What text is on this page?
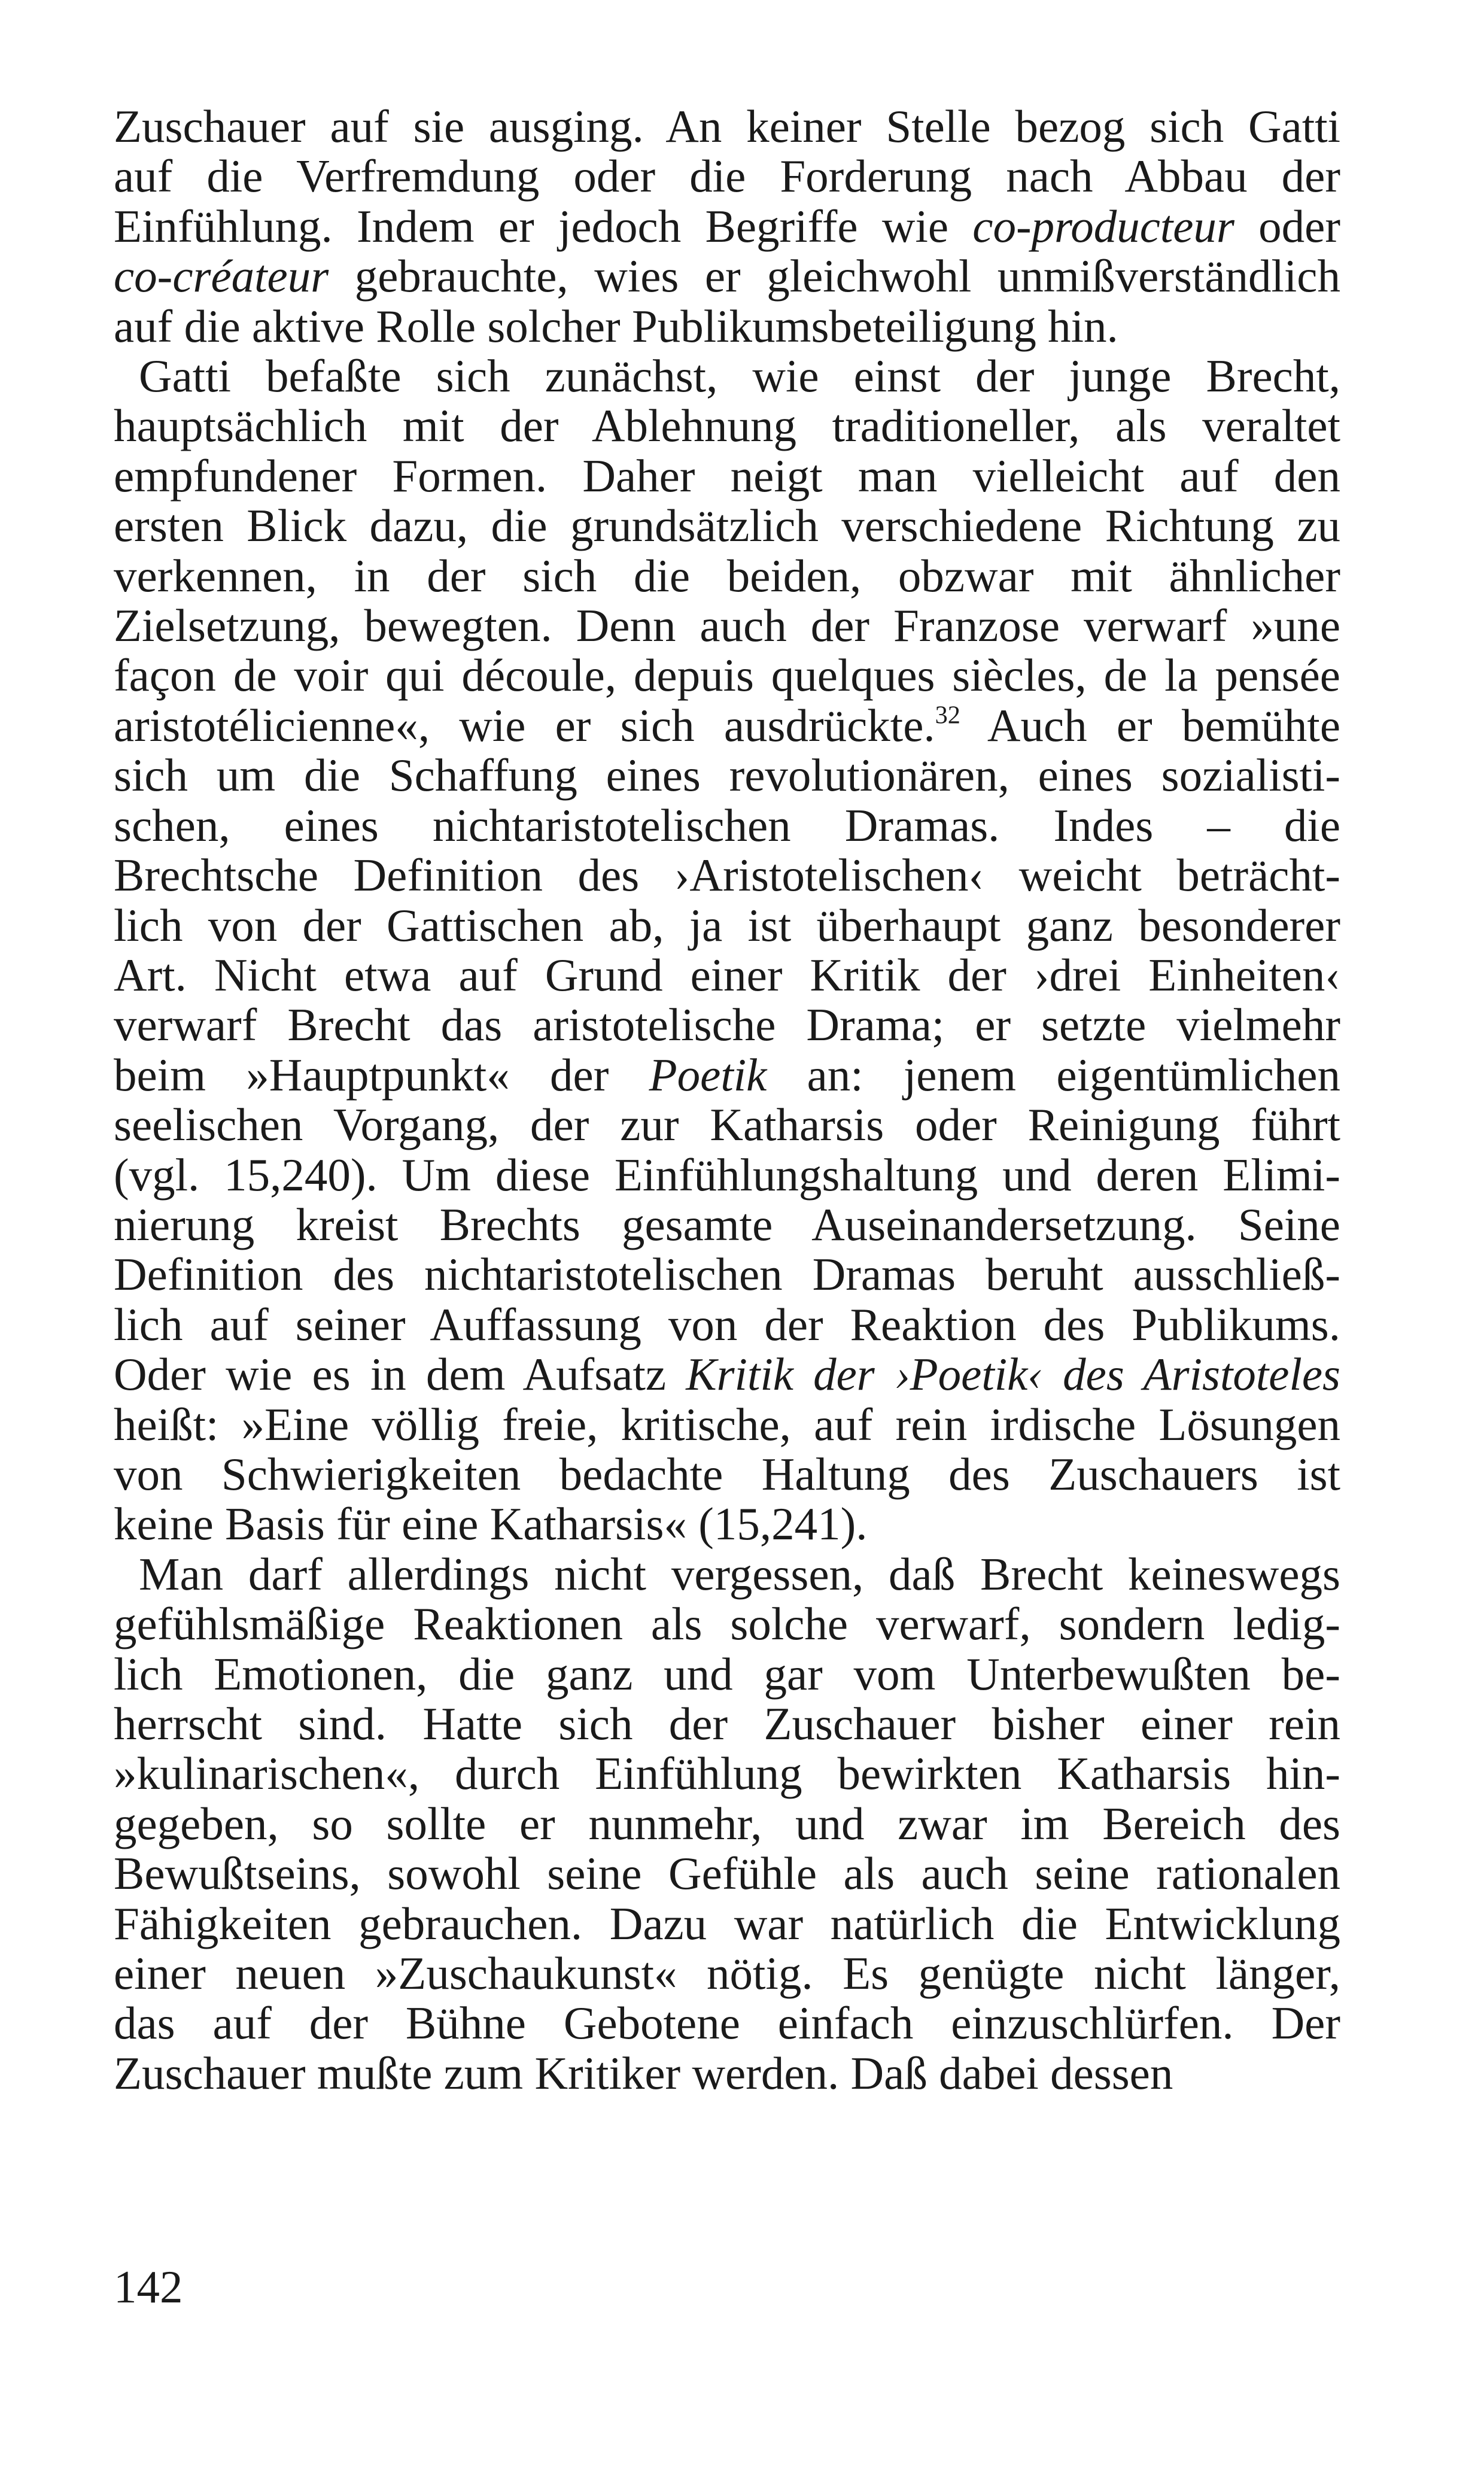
Zuschauer auf sie ausging. An keiner Stelle bezog sich Gatti
auf die Verfremdung oder die Forderung nach Abbau der
Einfühlung. Indem er jedoch Begriffe wie co-producteur oder
co-créateur gebrauchte, wies er gleichwohl unmißverständlich
auf die aktive Rolle solcher Publikumsbeteiligung hin.
Gatti befaßte sich zunächst, wie einst der junge Brecht,
hauptsächlich mit der Ablehnung traditioneller, als veraltet
empfundener Formen. Daher neigt man vielleicht auf den
ersten Blick dazu, die grundsätzlich verschiedene Richtung zu
verkennen, in der sich die beiden, obzwar mit ähnlicher
Zielsetzung, bewegten. Denn auch der Franzose verwarf »une
façon de voir qui découle, depuis quelques siècles, de la pensée
aristotélicienne«, wie er sich ausdrückte.$^{32}$ Auch er bemühte
sich um die Schaffung eines revolutionären, eines sozialisti-
schen, eines nichtaristotelischen Dramas. Indes – die
Brechtsche Definition des ›Aristotelischen‹ weicht beträcht-
lich von der Gattischen ab, ja ist überhaupt ganz besonderer
Art. Nicht etwa auf Grund einer Kritik der ›drei Einheiten‹
verwarf Brecht das aristotelische Drama; er setzte vielmehr
beim »Hauptpunkt« der Poetik an: jenem eigentümlichen
seelischen Vorgang, der zur Katharsis oder Reinigung führt
(vgl. 15,240). Um diese Einfühlungshaltung und deren Elimi-
nierung kreist Brechts gesamte Auseinandersetzung. Seine
Definition des nichtaristotelischen Dramas beruht ausschließ-
lich auf seiner Auffassung von der Reaktion des Publikums.
Oder wie es in dem Aufsatz Kritik der ›Poetik‹ des Aristoteles
heißt: »Eine völlig freie, kritische, auf rein irdische Lösungen
von Schwierigkeiten bedachte Haltung des Zuschauers ist
keine Basis für eine Katharsis« (15,241).
Man darf allerdings nicht vergessen, daß Brecht keineswegs
gefühlsmäßige Reaktionen als solche verwarf, sondern ledig-
lich Emotionen, die ganz und gar vom Unterbewußten be-
herrscht sind. Hatte sich der Zuschauer bisher einer rein
»kulinarischen«, durch Einfühlung bewirkten Katharsis hin-
gegeben, so sollte er nunmehr, und zwar im Bereich des
Bewußtseins, sowohl seine Gefühle als auch seine rationalen
Fähigkeiten gebrauchen. Dazu war natürlich die Entwicklung
einer neuen »Zuschaukunst« nötig. Es genügte nicht länger,
das auf der Bühne Gebotene einfach einzuschlürfen. Der
Zuschauer mußte zum Kritiker werden. Daß dabei dessen
142
